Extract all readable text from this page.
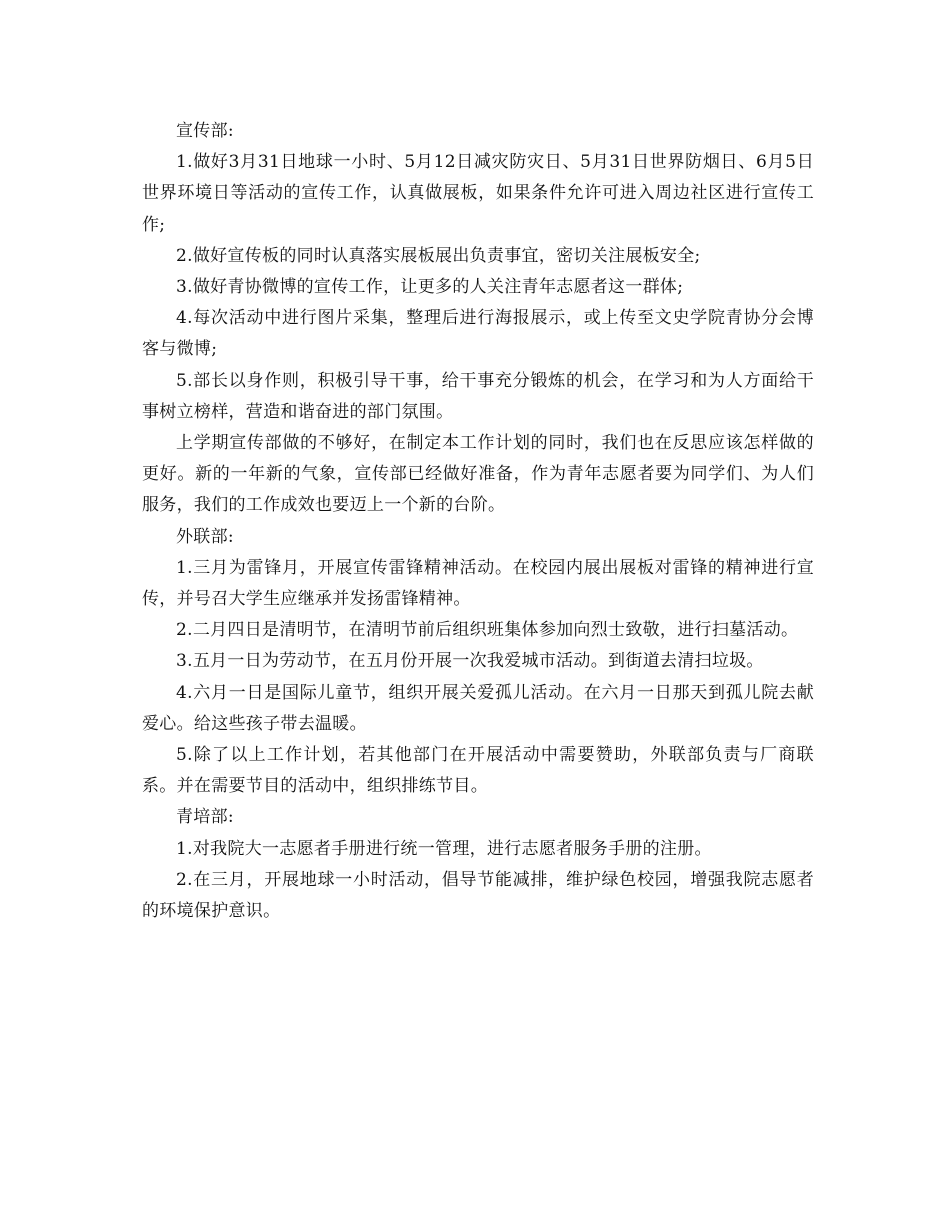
宣传部:

1.做好3月31日地球一小时、5月12日减灾防灾日、5月31日世界防烟日、6月5日世界环境日等活动的宣传工作，认真做展板，如果条件允许可进入周边社区进行宣传工作;

2.做好宣传板的同时认真落实展板展出负责事宜，密切关注展板安全;

3.做好青协微博的宣传工作，让更多的人关注青年志愿者这一群体;

4.每次活动中进行图片采集，整理后进行海报展示，或上传至文史学院青协分会博客与微博;

5.部长以身作则，积极引导干事，给干事充分锻炼的机会，在学习和为人方面给干事树立榜样，营造和谐奋进的部门氛围。

上学期宣传部做的不够好，在制定本工作计划的同时，我们也在反思应该怎样做的更好。新的一年新的气象，宣传部已经做好准备，作为青年志愿者要为同学们、为人们服务，我们的工作成效也要迈上一个新的台阶。

外联部:

1.三月为雷锋月，开展宣传雷锋精神活动。在校园内展出展板对雷锋的精神进行宣传，并号召大学生应继承并发扬雷锋精神。

2.二月四日是清明节，在清明节前后组织班集体参加向烈士致敬，进行扫墓活动。

3.五月一日为劳动节，在五月份开展一次我爱城市活动。到街道去清扫垃圾。

4.六月一日是国际儿童节，组织开展关爱孤儿活动。在六月一日那天到孤儿院去献爱心。给这些孩子带去温暖。

5.除了以上工作计划，若其他部门在开展活动中需要赞助，外联部负责与厂商联系。并在需要节目的活动中，组织排练节目。

青培部:

1.对我院大一志愿者手册进行统一管理，进行志愿者服务手册的注册。

2.在三月，开展地球一小时活动，倡导节能减排，维护绿色校园，增强我院志愿者的环境保护意识。
